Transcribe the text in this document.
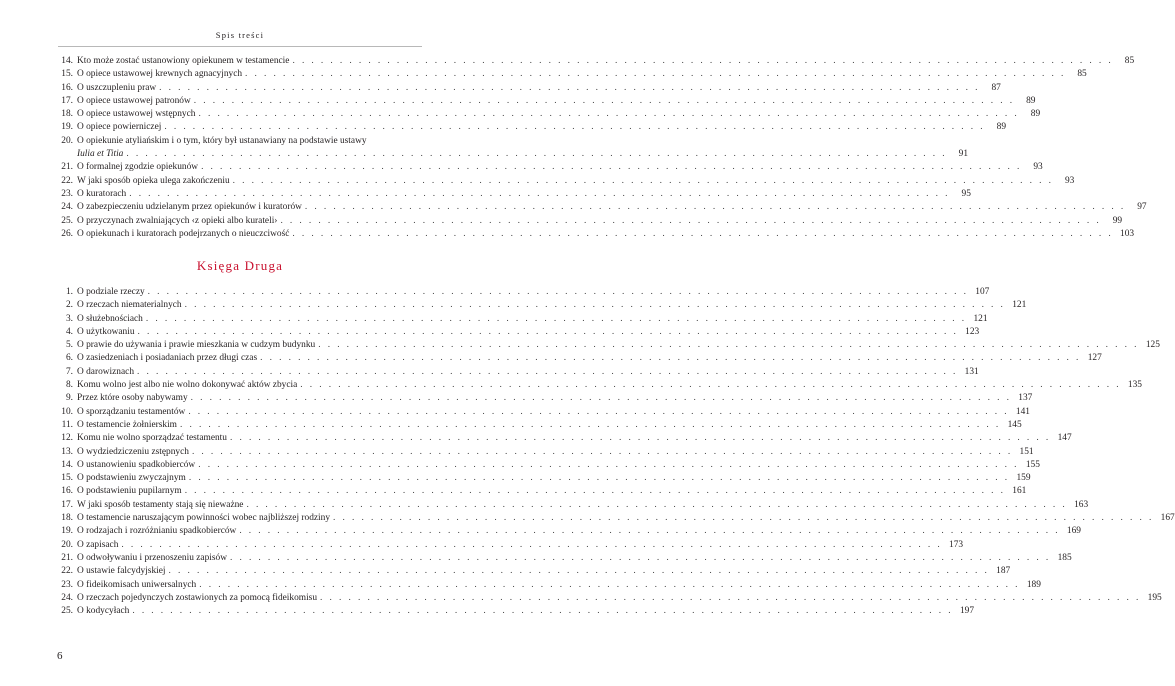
Spis treści
14. Kto może zostać ustanowiony opiekunem w testamencie . . .	85
15. O opiece ustawowej krewnych agnacyjnych . . .	85
16. O uszczupleniu praw . . .	87
17. O opiece ustawowej patronów . . .	89
18. O opiece ustawowej wstępnych . . .	89
19. O opiece powierniczej . . .	89
20. O opiekunie atyliańskim i o tym, który był ustanawiany na podstawie ustawy
Iulia et Titia . . .	91
21. O formalnej zgodzie opiekunów . . .	93
22. W jaki sposób opieka ulega zakończeniu . . .	93
23. O kuratorach . . .	95
24. O zabezpieczeniu udzielanym przez opiekunów i kuratorów . . .	97
25. O przyczynach zwalniających ‹z opieki albo kurateli› . . .	99
26. O opiekunach i kuratorach podejrzanych o nieuczciwość . . .	103
Księga Druga
1. O podziale rzeczy . . .	107
2. O rzeczach niematerialnych . . .	121
3. O służebnościach . . .	121
4. O użytkowaniu . . .	123
5. O prawie do używania i prawie mieszkania w cudzym budynku . . .	125
6. O zasiedzeniach i posiadaniach przez długi czas . . .	127
7. O darowiznach . . .	131
8. Komu wolno jest albo nie wolno dokonywać aktów zbycia . . .	135
9. Przez które osoby nabywamy . . .	137
10. O sporządzaniu testamentów . . .	141
11. O testamencie żołnierskim . . .	145
12. Komu nie wolno sporządzać testamentu . . .	147
13. O wydziedziczeniu zstępnych . . .	151
14. O ustanowieniu spadkobierców . . .	155
15. O podstawieniu zwyczajnym . . .	159
16. O podstawieniu pupilarnym . . .	161
17. W jaki sposób testamenty stają się nieważne . . .	163
18. O testamencie naruszającym powinności wobec najbliższej rodziny . . .	167
19. O rodzajach i rozróżnianiu spadkobierców . . .	169
20. O zapisach . . .	173
21. O odwoływaniu i przenoszeniu zapisów . . .	185
22. O ustawie falcydyjskiej . . .	187
23. O fideikomisach uniwersalnych . . .	189
24. O rzeczach pojedynczych zostawionych za pomocą fideikomisu . . .	195
25. O kodycyłach . . .	197
6
